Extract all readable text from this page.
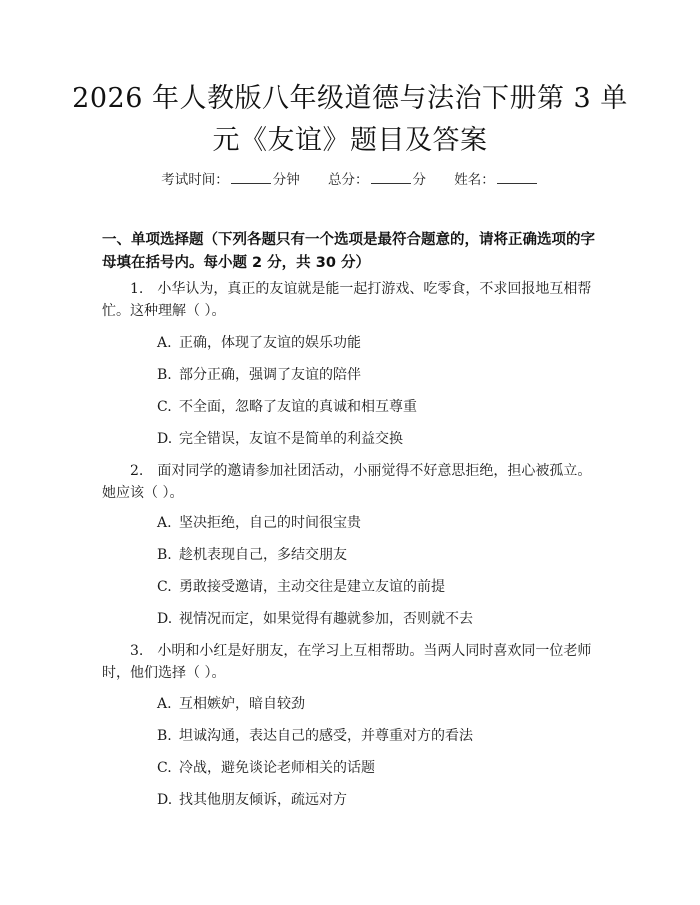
2026 年人教版八年级道德与法治下册第 3 单
元《友谊》题目及答案
考试时间：	分钟 总分：	分 姓名：
一、单项选择题（下列各题只有一个选项是最符合题意的，请将正确选项的字母填在括号内。每小题 2 分，共 30 分）
1. 小华认为，真正的友谊就是能一起打游戏、吃零食，不求回报地互相帮忙。这种理解（ ）。
A. 正确，体现了友谊的娱乐功能
B. 部分正确，强调了友谊的陪伴
C. 不全面，忽略了友谊的真诚和相互尊重
D. 完全错误，友谊不是简单的利益交换
2. 面对同学的邀请参加社团活动，小丽觉得不好意思拒绝，担心被孤立。她应该（ ）。
A. 坚决拒绝，自己的时间很宝贵
B. 趁机表现自己，多结交朋友
C. 勇敢接受邀请，主动交往是建立友谊的前提
D. 视情况而定，如果觉得有趣就参加，否则就不去
3. 小明和小红是好朋友，在学习上互相帮助。当两人同时喜欢同一位老师时，他们选择（ ）。
A. 互相嫉妒，暗自较劲
B. 坦诚沟通，表达自己的感受，并尊重对方的看法
C. 冷战，避免谈论老师相关的话题
D. 找其他朋友倾诉，疏远对方
